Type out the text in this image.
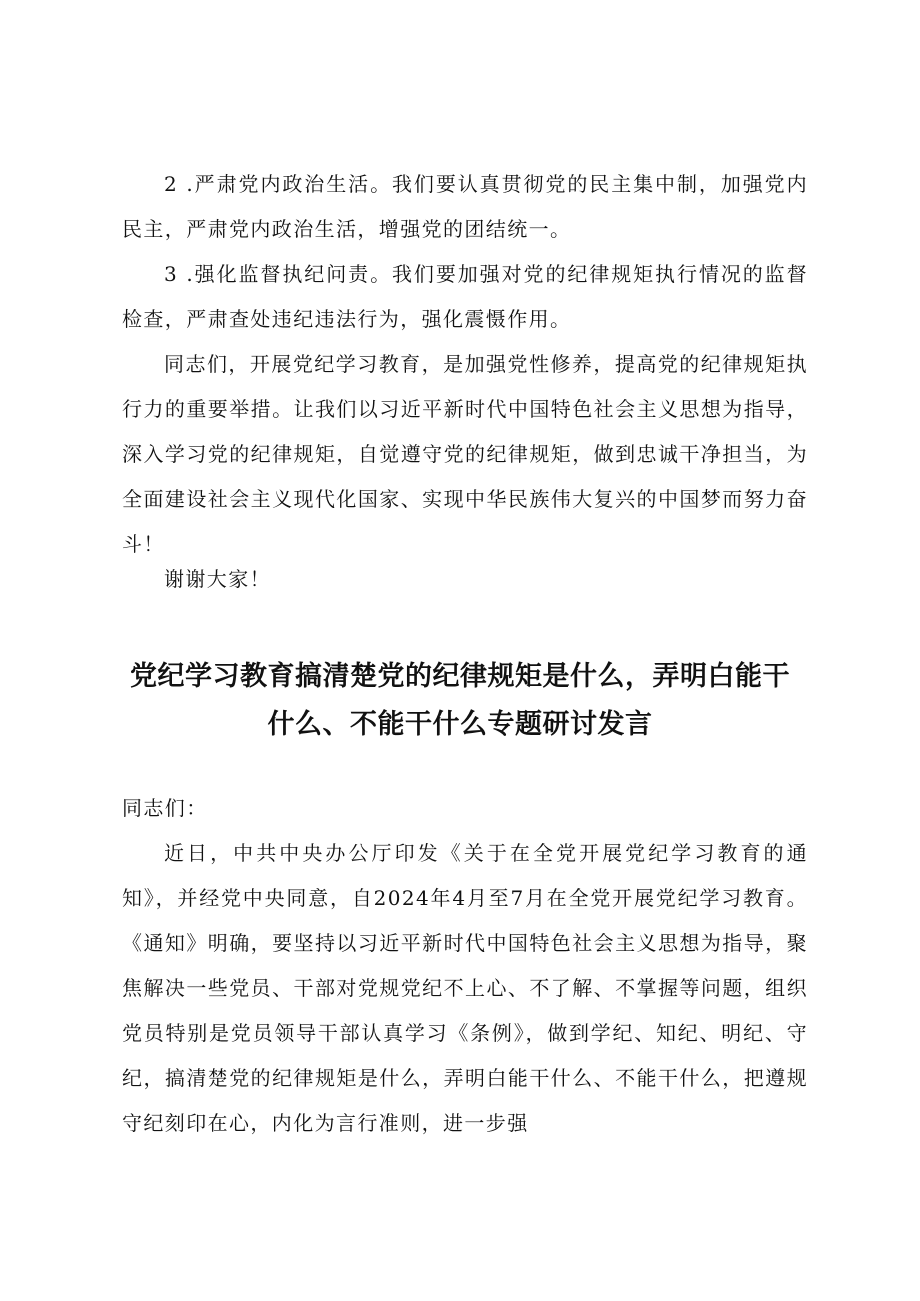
2 .严肃党内政治生活。我们要认真贯彻党的民主集中制，加强党内民主，严肃党内政治生活，增强党的团结统一。

3 .强化监督执纪问责。我们要加强对党的纪律规矩执行情况的监督检查，严肃查处违纪违法行为，强化震慑作用。

同志们，开展党纪学习教育，是加强党性修养，提高党的纪律规矩执行力的重要举措。让我们以习近平新时代中国特色社会主义思想为指导，深入学习党的纪律规矩，自觉遵守党的纪律规矩，做到忠诚干净担当，为全面建设社会主义现代化国家、实现中华民族伟大复兴的中国梦而努力奋斗！

谢谢大家！

党纪学习教育搞清楚党的纪律规矩是什么，弄明白能干
什么、不能干什么专题研讨发言

同志们：

近日，中共中央办公厅印发《关于在全党开展党纪学习教育的通知》，并经党中央同意，自2024年4月至7月在全党开展党纪学习教育。《通知》明确，要坚持以习近平新时代中国特色社会主义思想为指导，聚焦解决一些党员、干部对党规党纪不上心、不了解、不掌握等问题，组织党员特别是党员领导干部认真学习《条例》，做到学纪、知纪、明纪、守纪，搞清楚党的纪律规矩是什么，弄明白能干什么、不能干什么，把遵规守纪刻印在心，内化为言行准则，进一步强
